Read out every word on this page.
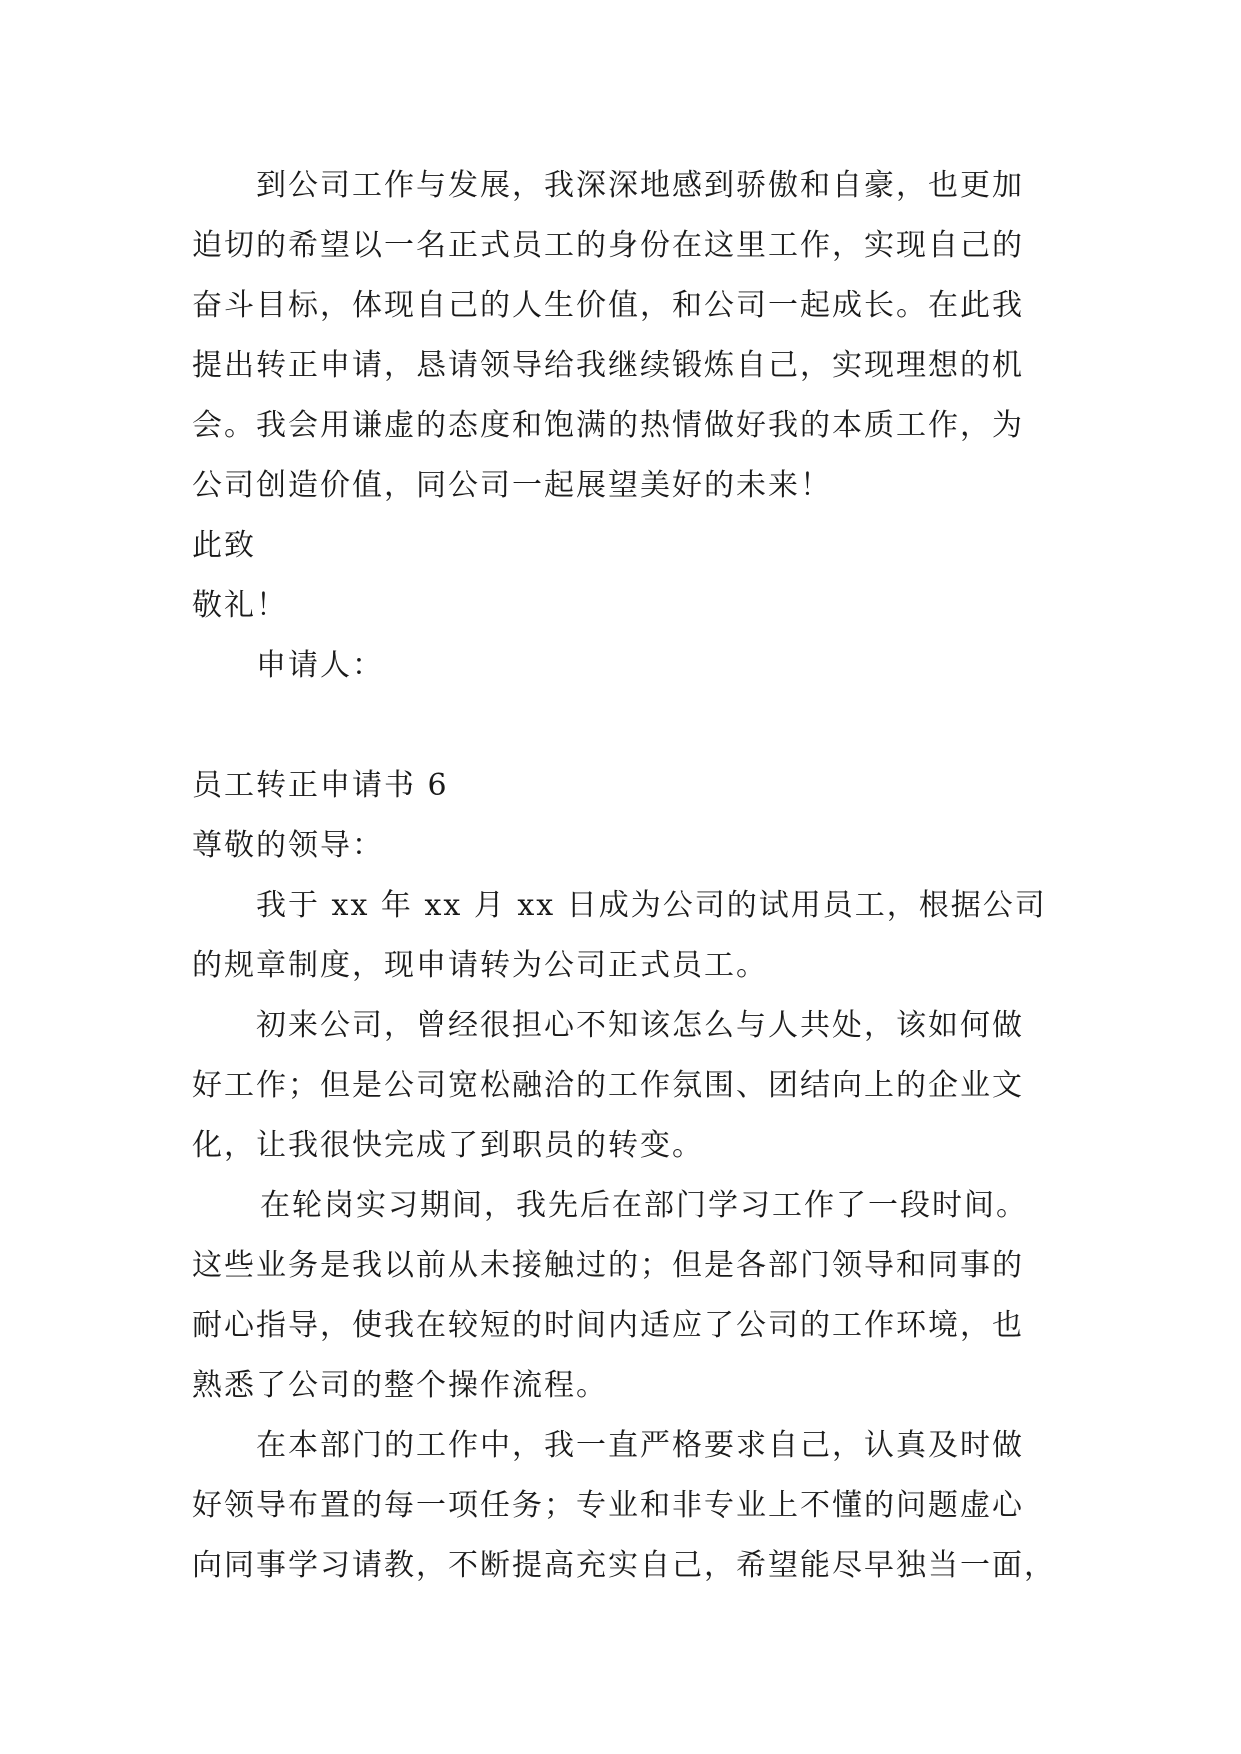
到公司工作与发展，我深深地感到骄傲和自豪，也更加
迫切的希望以一名正式员工的身份在这里工作，实现自己的
奋斗目标，体现自己的人生价值，和公司一起成长。在此我
提出转正申请，恳请领导给我继续锻炼自己，实现理想的机
会。我会用谦虚的态度和饱满的热情做好我的本质工作，为
公司创造价值，同公司一起展望美好的未来！
此致
敬礼！
申请人：
员工转正申请书 6
尊敬的领导：
我于 xx 年 xx 月 xx 日成为公司的试用员工，根据公司
的规章制度，现申请转为公司正式员工。
初来公司，曾经很担心不知该怎么与人共处，该如何做
好工作；但是公司宽松融洽的工作氛围、团结向上的企业文
化，让我很快完成了到职员的转变。
在轮岗实习期间，我先后在部门学习工作了一段时间。
这些业务是我以前从未接触过的；但是各部门领导和同事的
耐心指导，使我在较短的时间内适应了公司的工作环境，也
熟悉了公司的整个操作流程。
在本部门的工作中，我一直严格要求自己，认真及时做
好领导布置的每一项任务；专业和非专业上不懂的问题虚心
向同事学习请教，不断提高充实自己，希望能尽早独当一面，
